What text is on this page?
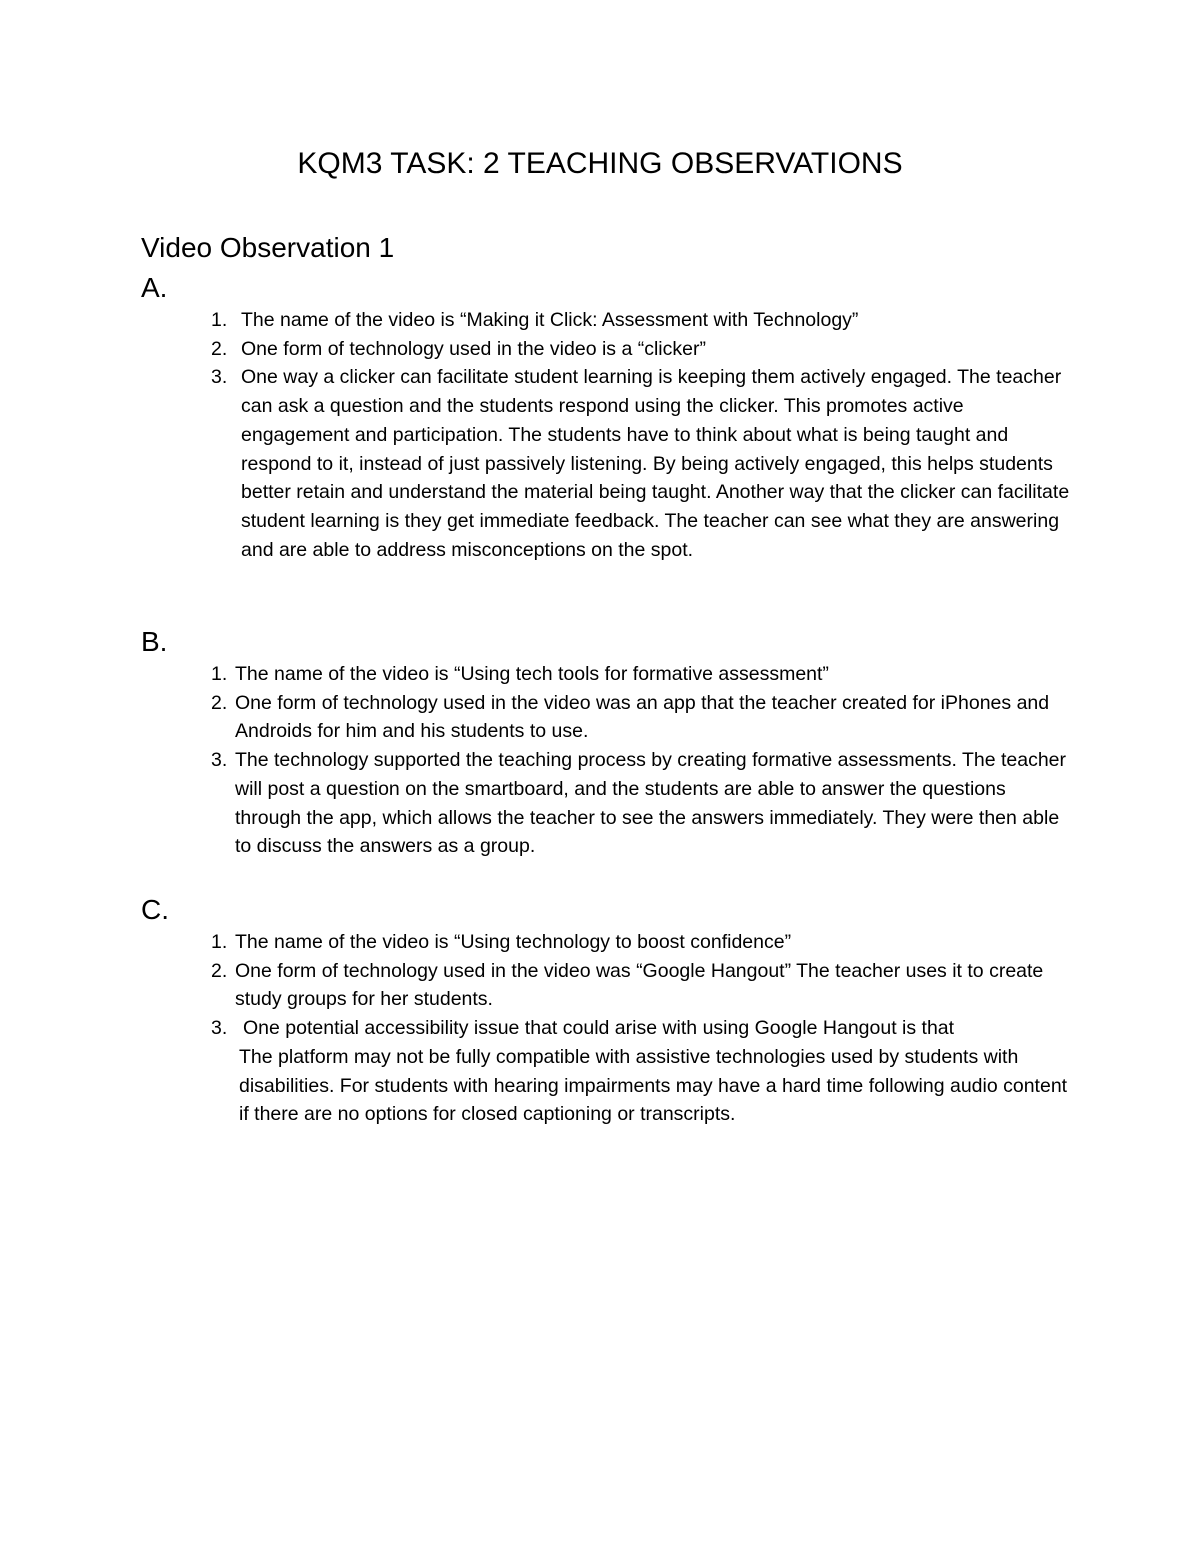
KQM3 TASK: 2 TEACHING OBSERVATIONS
Video Observation 1
A.
1. The name of the video is “Making it Click: Assessment with Technology”
2. One form of technology used in the video is a “clicker”
3. One way a clicker can facilitate student learning is keeping them actively engaged. The teacher can ask a question and the students respond using the clicker. This promotes active engagement and participation. The students have to think about what is being taught and respond to it, instead of just passively listening. By being actively engaged, this helps students better retain and understand the material being taught. Another way that the clicker can facilitate student learning is they get immediate feedback. The teacher can see what they are answering and are able to address misconceptions on the spot.
B.
1. The name of the video is “Using tech tools for formative assessment”
2. One form of technology used in the video was an app that the teacher created for iPhones and Androids for him and his students to use.
3. The technology supported the teaching process by creating formative assessments. The teacher will post a question on the smartboard, and the students are able to answer the questions through the app, which allows the teacher to see the answers immediately. They were then able to discuss the answers as a group.
C.
1. The name of the video is “Using technology to boost confidence”
2. One form of technology used in the video was “Google Hangout” The teacher uses it to create study groups for her students.
3. One potential accessibility issue that could arise with using Google Hangout is that

The platform may not be fully compatible with assistive technologies used by students with disabilities. For students with hearing impairments may have a hard time following audio content if there are no options for closed captioning or transcripts.
